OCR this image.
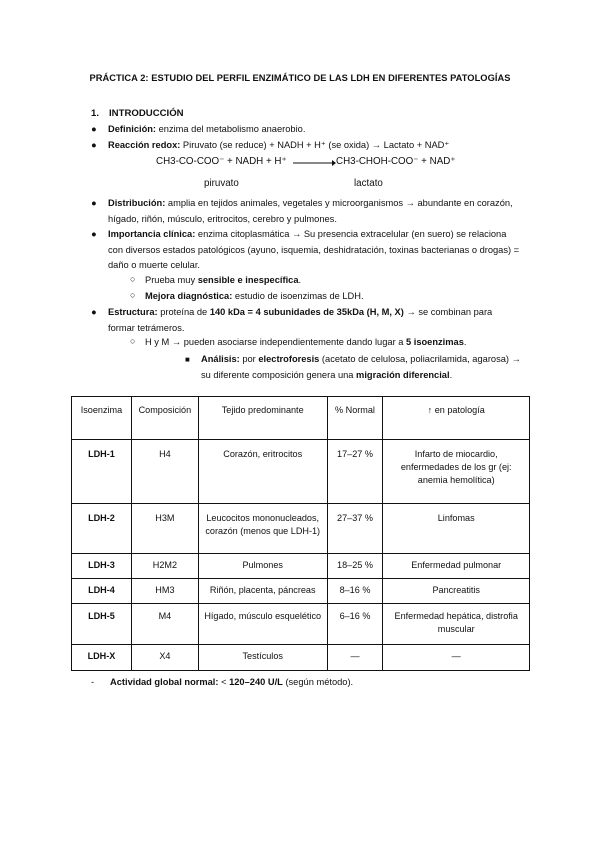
PRÁCTICA 2: ESTUDIO DEL PERFIL ENZIMÁTICO DE LAS LDH EN DIFERENTES PATOLOGÍAS
1. INTRODUCCIÓN
● Definición: enzima del metabolismo anaerobio.
● Reacción redox: Piruvato (se reduce) + NADH + H⁺ (se oxida) → Lactato + NAD⁺
CH3-CO-COO⁻ + NADH + H⁺ → CH3-CHOH-COO⁻ + NAD⁺
piruvato	lactato
● Distribución: amplia en tejidos animales, vegetales y microorganismos → abundante en corazón, hígado, riñón, músculo, eritrocitos, cerebro y pulmones.
● Importancia clínica: enzima citoplasmática → Su presencia extracelular (en suero) se relaciona con diversos estados patológicos (ayuno, isquemia, deshidratación, toxinas bacterianas o drogas) = daño o muerte celular.
○ Prueba muy sensible e inespecífica.
○ Mejora diagnóstica: estudio de isoenzimas de LDH.
● Estructura: proteína de 140 kDa = 4 subunidades de 35kDa (H, M, X) → se combinan para formar tetrámeros.
○ H y M → pueden asociarse independientemente dando lugar a 5 isoenzimas.
■ Análisis: por electroforesis (acetato de celulosa, poliacrilamida, agarosa) → su diferente composición genera una migración diferencial.
Isoenzima	Composición	Tejido predominante	% Normal	↑ en patología
LDH-1	H4	Corazón, eritrocitos	17–27 %	Infarto de miocardio, enfermedades de los gr (ej: anemia hemolítica)
LDH-2	H3M	Leucocitos mononucleados, corazón (menos que LDH-1)	27–37 %	Linfomas
LDH-3	H2M2	Pulmones	18–25 %	Enfermedad pulmonar
LDH-4	HM3	Riñón, placenta, páncreas	8–16 %	Pancreatitis
LDH-5	M4	Hígado, músculo esquelético	6–16 %	Enfermedad hepática, distrofia muscular
LDH-X	X4	Testículos	—	—
- Actividad global normal: < 120–240 U/L (según método).
